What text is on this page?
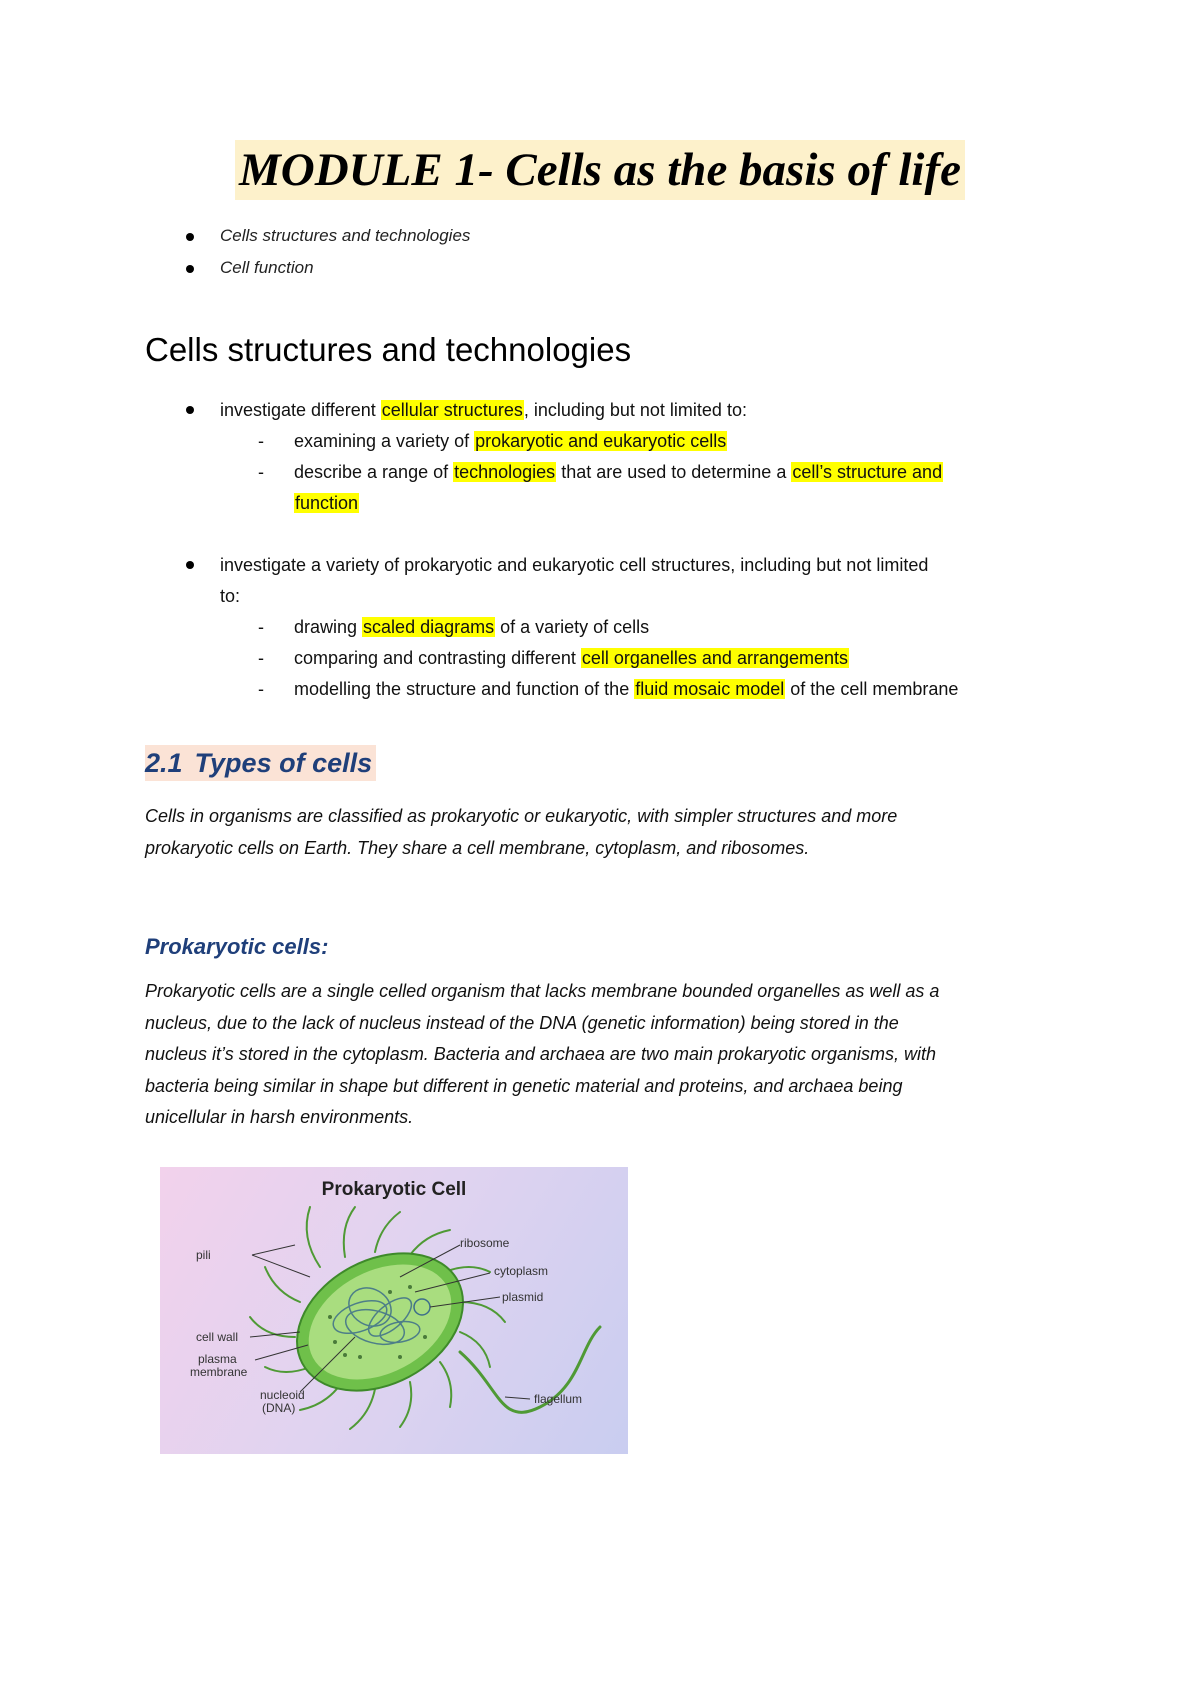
MODULE 1- Cells as the basis of life
Cells structures and technologies
Cell function
Cells structures and technologies
investigate different cellular structures, including but not limited to:
- examining a variety of prokaryotic and eukaryotic cells
- describe a range of technologies that are used to determine a cell’s structure and
function
investigate a variety of prokaryotic and eukaryotic cell structures, including but not limited
to:
- drawing scaled diagrams of a variety of cells
- comparing and contrasting different cell organelles and arrangements
- modelling the structure and function of the fluid mosaic model of the cell membrane
2.1 Types of cells
Cells in organisms are classified as prokaryotic or eukaryotic, with simpler structures and more
prokaryotic cells on Earth. They share a cell membrane, cytoplasm, and ribosomes.
Prokaryotic cells:
Prokaryotic cells are a single celled organism that lacks membrane bounded organelles as well as a
nucleus, due to the lack of nucleus instead of the DNA (genetic information) being stored in the
nucleus it’s stored in the cytoplasm. Bacteria and archaea are two main prokaryotic organisms, with
bacteria being similar in shape but different in genetic material and proteins, and archaea being
unicellular in harsh environments.
Prokaryotic Cell
pili
ribosome
cytoplasm
plasmid
cell wall
plasma
membrane
nucleoid
(DNA)
flagellum
